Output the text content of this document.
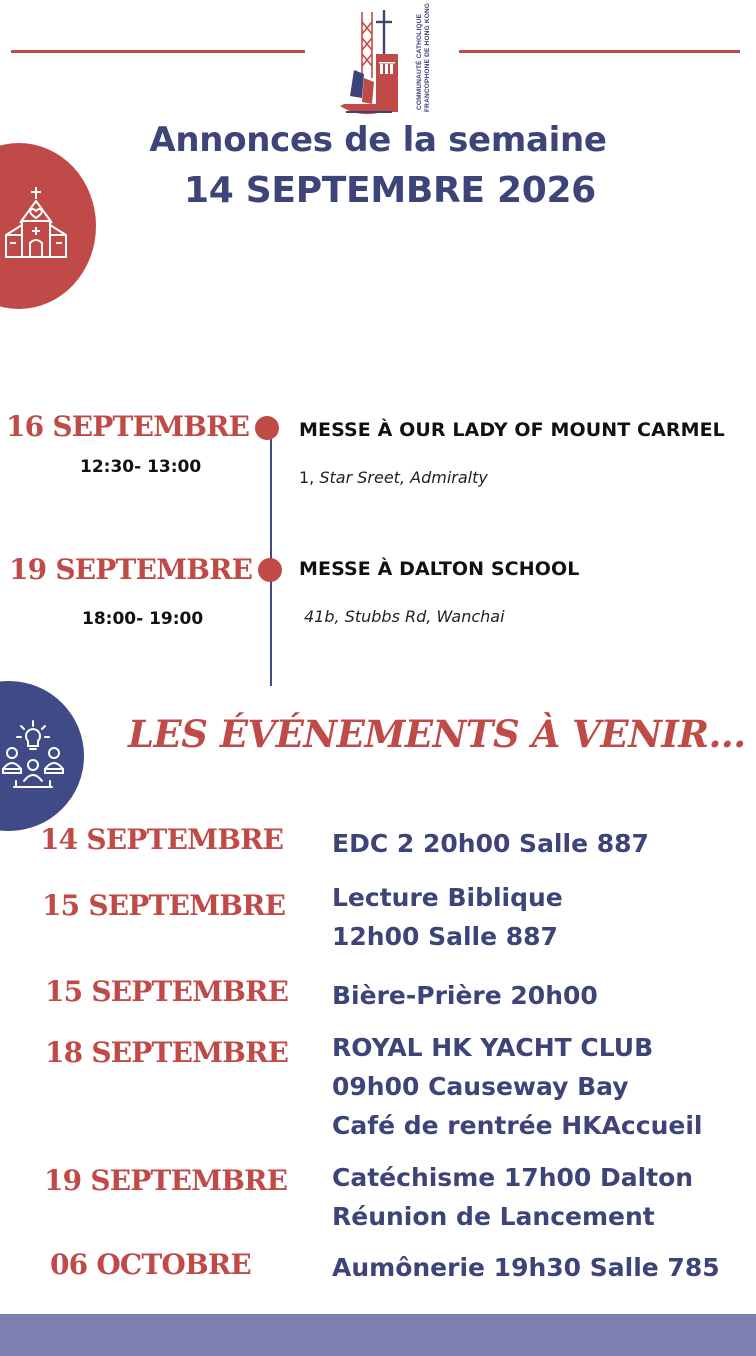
COMMUNAUTÉ CATHOLIQUE FRANCOPHONE DE HONG KONG
Annonces de la semaine
14 SEPTEMBRE 2026
16 SEPTEMBRE
12:30- 13:00
MESSE À OUR LADY OF MOUNT CARMEL
1, Star Sreet, Admiralty
19 SEPTEMBRE
18:00- 19:00
MESSE À DALTON SCHOOL
41b, Stubbs Rd, Wanchai
LES ÉVÉNEMENTS À VENIR...
14 SEPTEMBRE EDC 2 20h00 Salle 887
15 SEPTEMBRE Lecture Biblique
12h00 Salle 887
15 SEPTEMBRE Bière-Prière 20h00
18 SEPTEMBRE ROYAL HK YACHT CLUB
09h00 Causeway Bay
Café de rentrée HKAccueil
19 SEPTEMBRE Catéchisme 17h00 Dalton
Réunion de Lancement
06 OCTOBRE	Aumônerie 19h30 Salle 785
